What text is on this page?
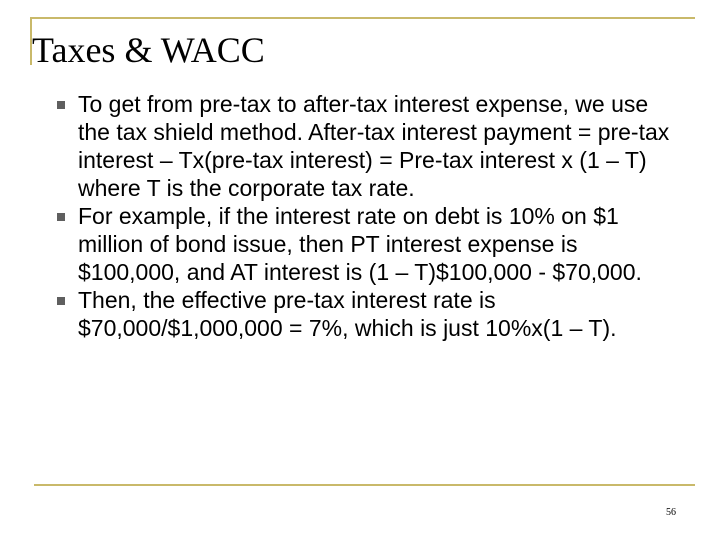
Taxes & WACC
To get from pre-tax to after-tax interest expense, we use the tax shield method. After-tax interest payment = pre-tax interest – Tx(pre-tax interest) = Pre-tax interest x (1 – T) where T is the corporate tax rate.
For example, if the interest rate on debt is 10% on $1 million of bond issue, then PT interest expense is $100,000, and AT interest is (1 – T)$100,000 - $70,000.
Then, the effective pre-tax interest rate is $70,000/$1,000,000 = 7%, which is just 10%x(1 – T).
56
